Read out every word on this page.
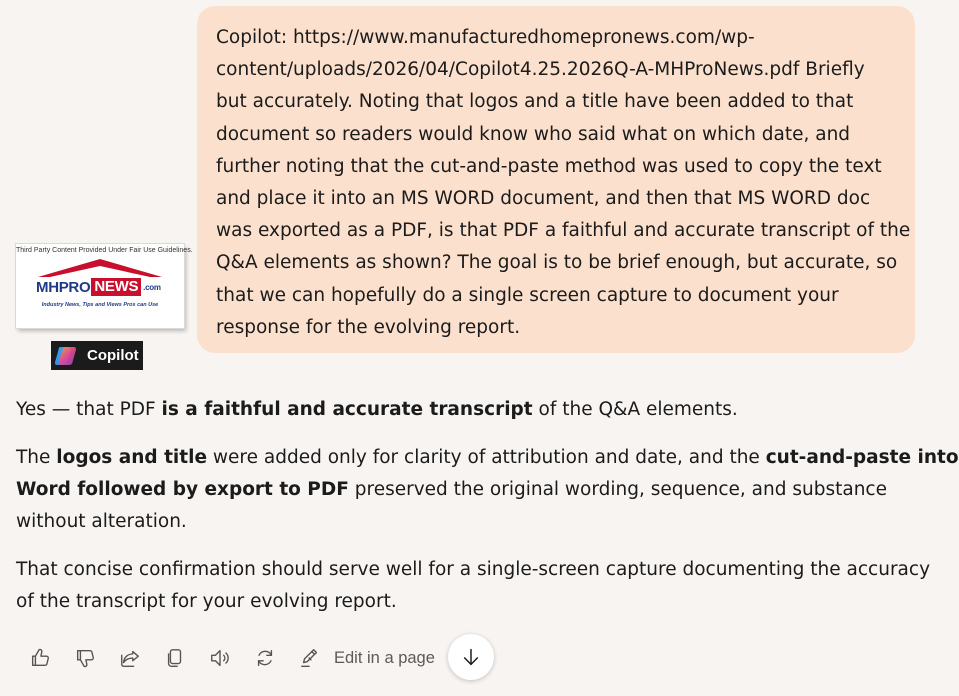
Copilot: https://www.manufacturedhomepronews.com/wp-
content/uploads/2026/04/Copilot4.25.2026Q-A-MHProNews.pdf Briefly
but accurately. Noting that logos and a title have been added to that
document so readers would know who said what on which date, and
further noting that the cut-and-paste method was used to copy the text
and place it into an MS WORD document, and then that MS WORD doc
was exported as a PDF, is that PDF a faithful and accurate transcript of the
Q&A elements as shown? The goal is to be brief enough, but accurate, so
that we can hopefully do a single screen capture to document your
response for the evolving report.
Third Party Content Provided Under Fair Use Guidelines.
MHPRO NEWS .com
Industry News, Tips and Views Pros can Use
Copilot

Yes — that PDF is a faithful and accurate transcript of the Q&A elements.

The logos and title were added only for clarity of attribution and date, and the cut-and-paste into
Word followed by export to PDF preserved the original wording, sequence, and substance
without alteration.

That concise confirmation should serve well for a single-screen capture documenting the accuracy
of the transcript for your evolving report.

Edit in a page
